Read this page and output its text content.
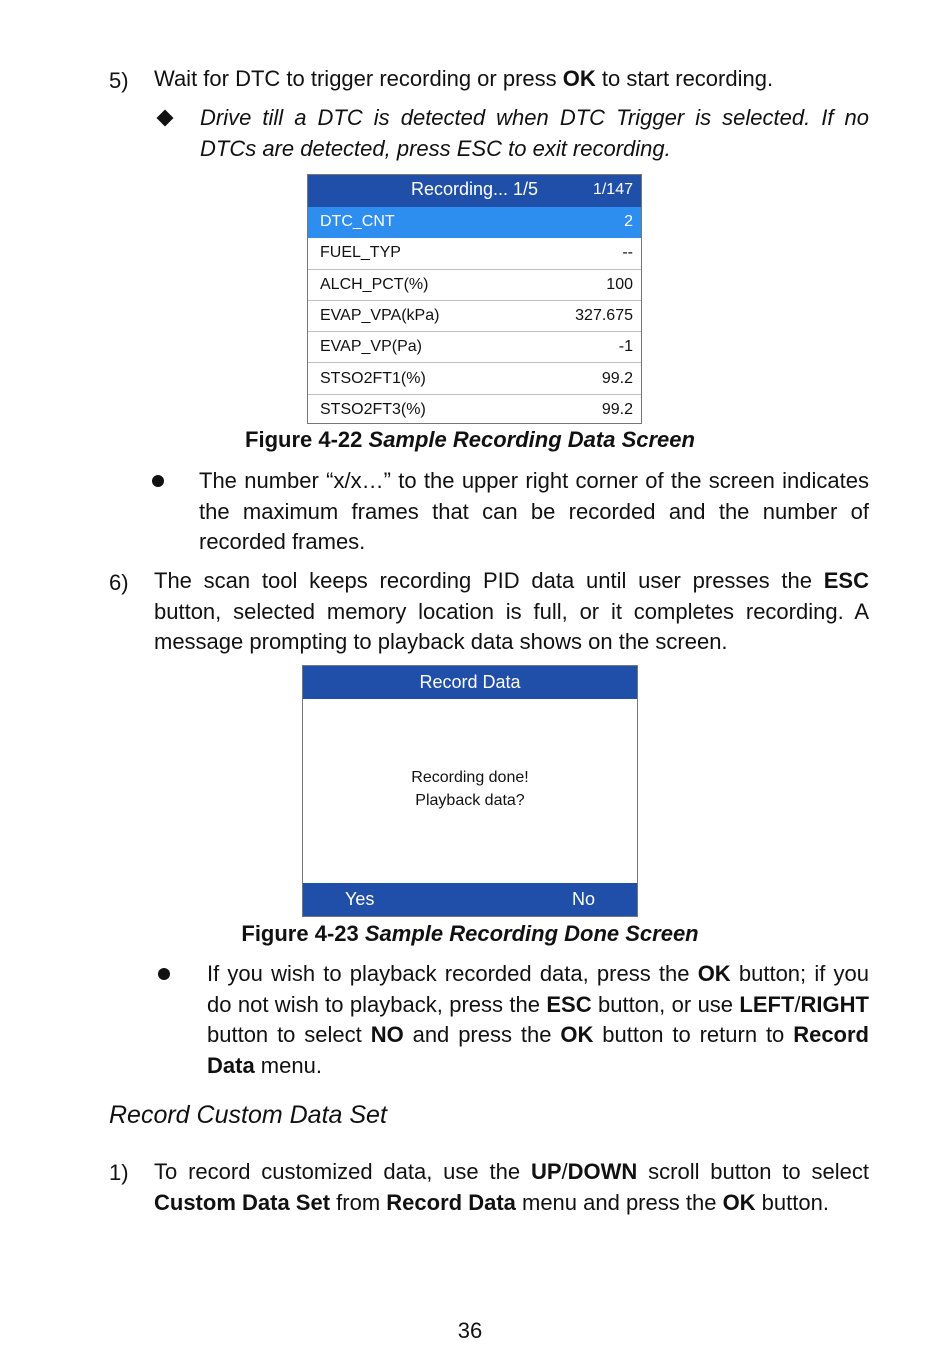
5) Wait for DTC to trigger recording or press OK to start recording.
Drive till a DTC is detected when DTC Trigger is selected. If no DTCs are detected, press ESC to exit recording.
Recording... 1/5	1/147
DTC_CNT	2
FUEL_TYP	--
ALCH_PCT(%)	100
EVAP_VPA(kPa)	327.675
EVAP_VP(Pa)	-1
STSO2FT1(%)	99.2
STSO2FT3(%)	99.2
Figure 4-22 Sample Recording Data Screen
The number “x/x…” to the upper right corner of the screen indicates the maximum frames that can be recorded and the number of recorded frames.
6) The scan tool keeps recording PID data until user presses the ESC button, selected memory location is full, or it completes recording. A message prompting to playback data shows on the screen.
Record Data
Recording done!
Playback data?
Yes	No
Figure 4-23 Sample Recording Done Screen
If you wish to playback recorded data, press the OK button; if you do not wish to playback, press the ESC button, or use LEFT/RIGHT button to select NO and press the OK button to return to Record Data menu.
Record Custom Data Set
1) To record customized data, use the UP/DOWN scroll button to select Custom Data Set from Record Data menu and press the OK button.
36
